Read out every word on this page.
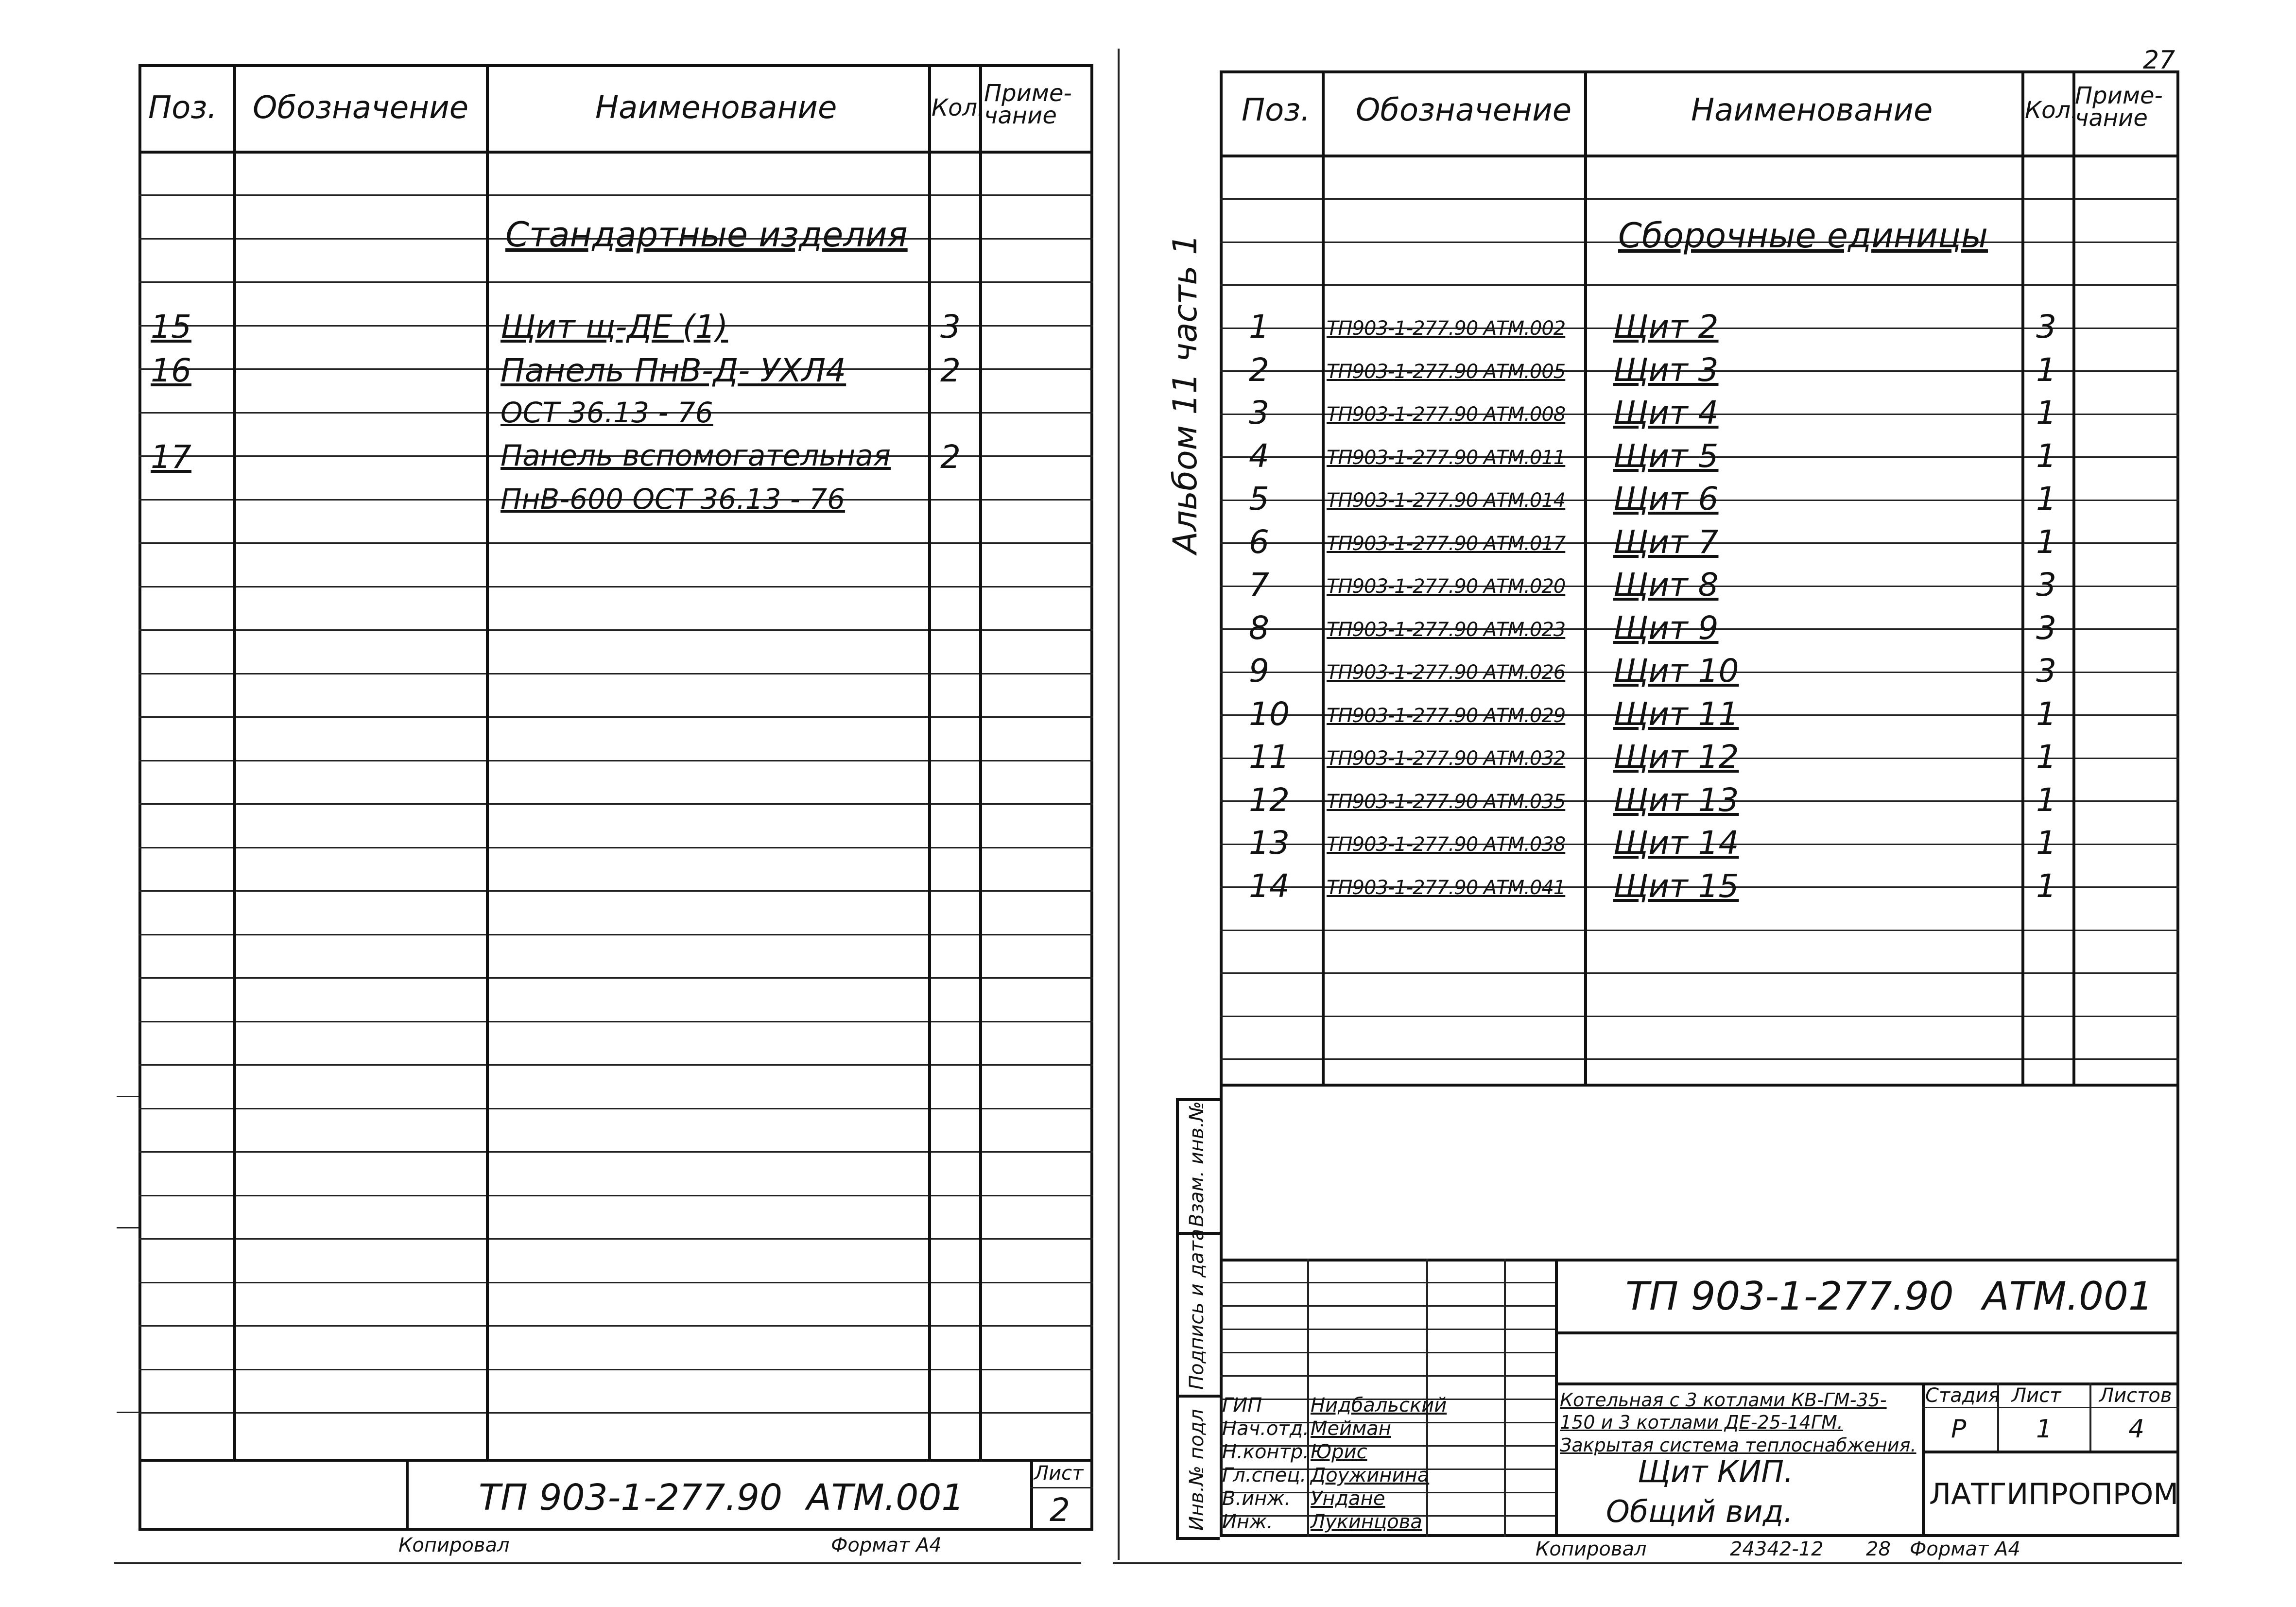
Поз. Обозначение	Наименование	Кол.
Приме-
чание
Стандартные изделия
15	Щит щ-ДЕ (1)	3
16	Панель ПнВ-Д- УХЛ4	2
ОСТ 36.13 - 76
17	Панель вспомогательная 2
ПнВ-600 ОСТ 36.13 - 76
ТП 903-1-277.90 АТМ.001
Лист
2
Копировал	Формат А4
27
Поз. Обозначение	Наименование	Кол.
Приме-
чание
Сборочные единицы
1	ТП903-1-277.90 АТМ.002 Щит 2	3
2	ТП903-1-277.90 АТМ.005 Щит 3	1
3	ТП903-1-277.90 АТМ.008 Щит 4	1
4	ТП903-1-277.90 АТМ.011 Щит 5	1
5	ТП903-1-277.90 АТМ.014 Щит 6	1
6	ТП903-1-277.90 АТМ.017 Щит 7	1
7	ТП903-1-277.90 АТМ.020 Щит 8	3
8	ТП903-1-277.90 АТМ.023 Щит 9	3
9	ТП903-1-277.90 АТМ.026 Щит 10	3
10 ТП903-1-277.90 АТМ.029 Щит 11	1
11 ТП903-1-277.90 АТМ.032 Щит 12	1
12 ТП903-1-277.90 АТМ.035 Щит 13	1
13 ТП903-1-277.90 АТМ.038 Щит 14	1
14 ТП903-1-277.90 АТМ.041 Щит 15	1
Альбом 11 часть 1
Взам. инв.№
Подпись и дата
Инв.№ подл
ТП 903-1-277.90 АТМ.001
ГИП Нидбальский
Нач.отд. Мейман
Н.контр. Юрис
Гл.спец. Доужинина
В.инж. Ундане
Инж. Лукинцова
Котельная с 3 котлами КВ-ГМ-35-150 и 3 котлами ДЕ-25-14ГМ. Закрытая система теплоснабжения.
Щит КИП.
Общий вид.
Стадия Лист Листов
Р	1	4
ЛАТГИПРОПРОМ
Копировал	24342-12 28 Формат А4
